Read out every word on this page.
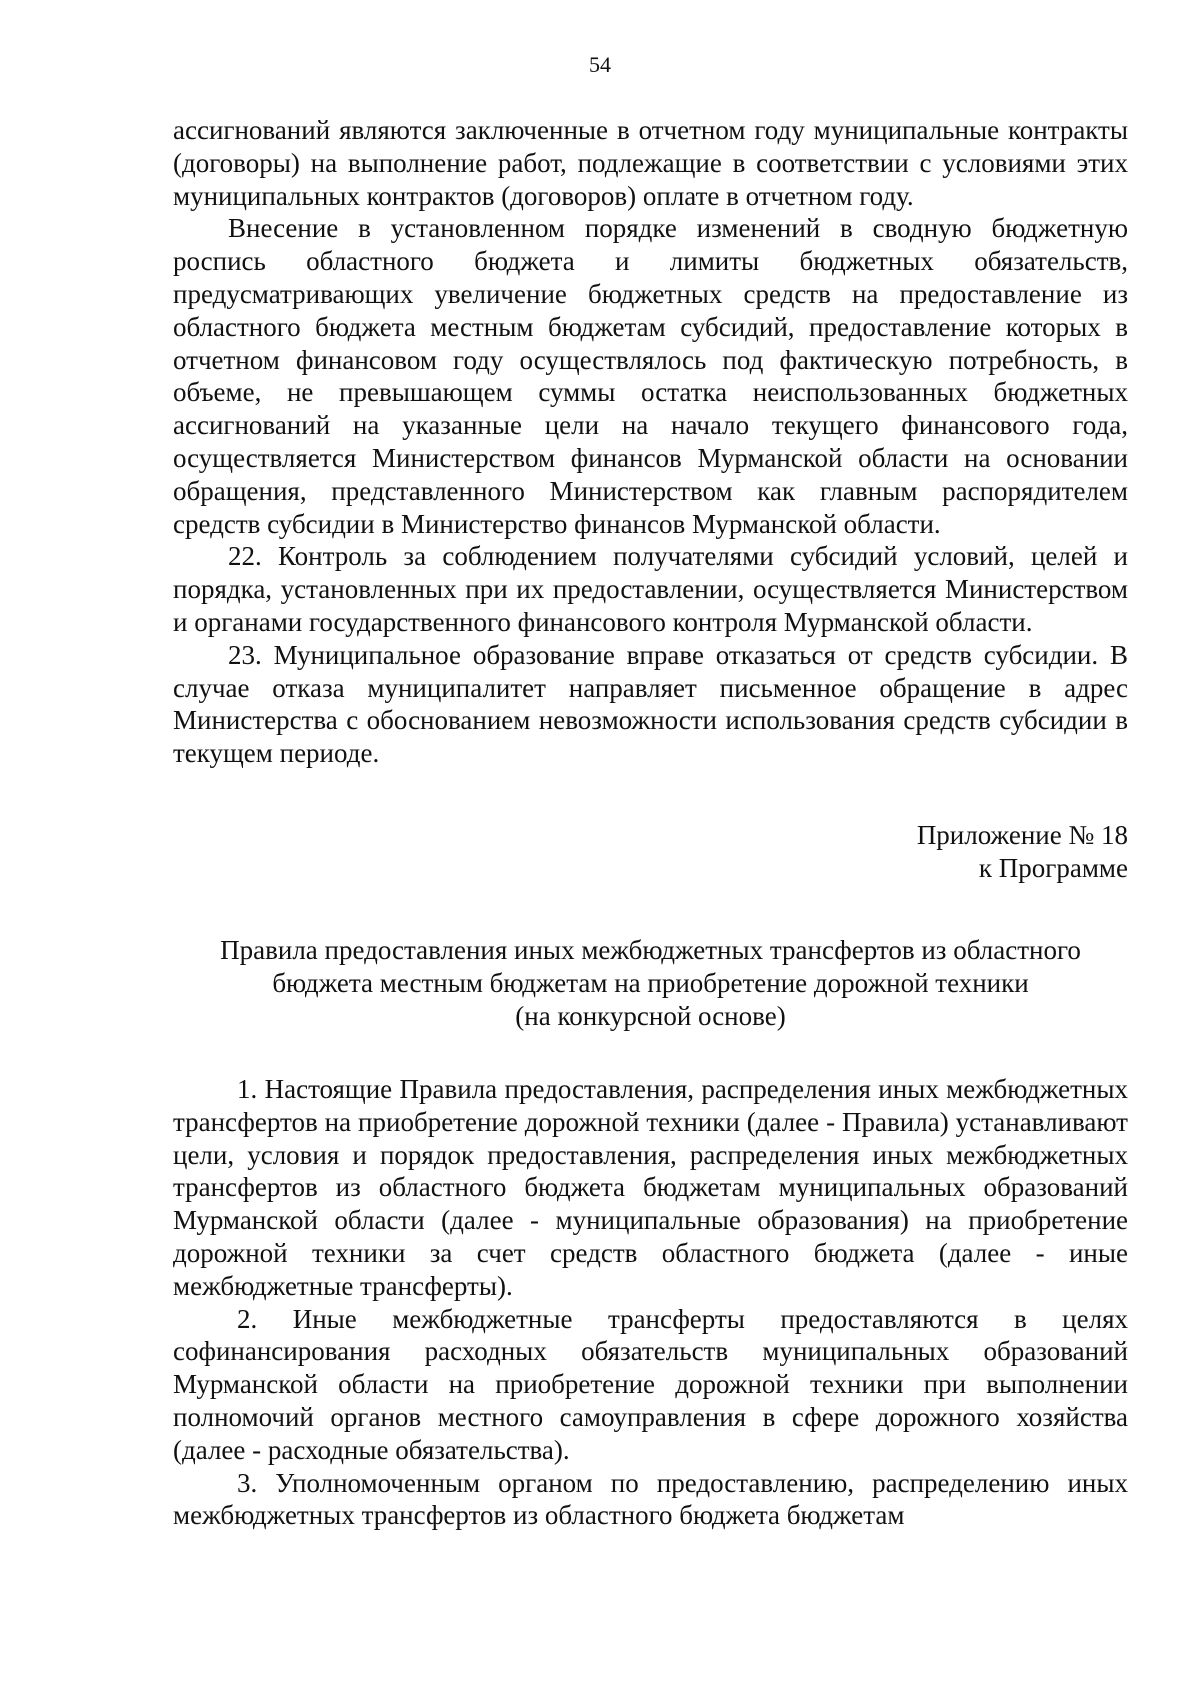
54

ассигнований являются заключенные в отчетном году муниципальные контракты (договоры) на выполнение работ, подлежащие в соответствии с условиями этих муниципальных контрактов (договоров) оплате в отчетном году.

Внесение в установленном порядке изменений в сводную бюджетную роспись областного бюджета и лимиты бюджетных обязательств, предусматривающих увеличение бюджетных средств на предоставление из областного бюджета местным бюджетам субсидий, предоставление которых в отчетном финансовом году осуществлялось под фактическую потребность, в объеме, не превышающем суммы остатка неиспользованных бюджетных ассигнований на указанные цели на начало текущего финансового года, осуществляется Министерством финансов Мурманской области на основании обращения, представленного Министерством как главным распорядителем средств субсидии в Министерство финансов Мурманской области.

22. Контроль за соблюдением получателями субсидий условий, целей и порядка, установленных при их предоставлении, осуществляется Министерством и органами государственного финансового контроля Мурманской области.

23. Муниципальное образование вправе отказаться от средств субсидии. В случае отказа муниципалитет направляет письменное обращение в адрес Министерства с обоснованием невозможности использования средств субсидии в текущем периоде.

Приложение № 18
к Программе
Правила предоставления иных межбюджетных трансфертов из областного
бюджета местным бюджетам на приобретение дорожной техники
(на конкурсной основе)

1. Настоящие Правила предоставления, распределения иных межбюджетных трансфертов на приобретение дорожной техники (далее - Правила) устанавливают цели, условия и порядок предоставления, распределения иных межбюджетных трансфертов из областного бюджета бюджетам муниципальных образований Мурманской области (далее - муниципальные образования) на приобретение дорожной техники за счет средств областного бюджета (далее - иные межбюджетные трансферты).

2. Иные межбюджетные трансферты предоставляются в целях софинансирования расходных обязательств муниципальных образований Мурманской области на приобретение дорожной техники при выполнении полномочий органов местного самоуправления в сфере дорожного хозяйства (далее - расходные обязательства).

3. Уполномоченным органом по предоставлению, распределению иных межбюджетных трансфертов из областного бюджета бюджетам
